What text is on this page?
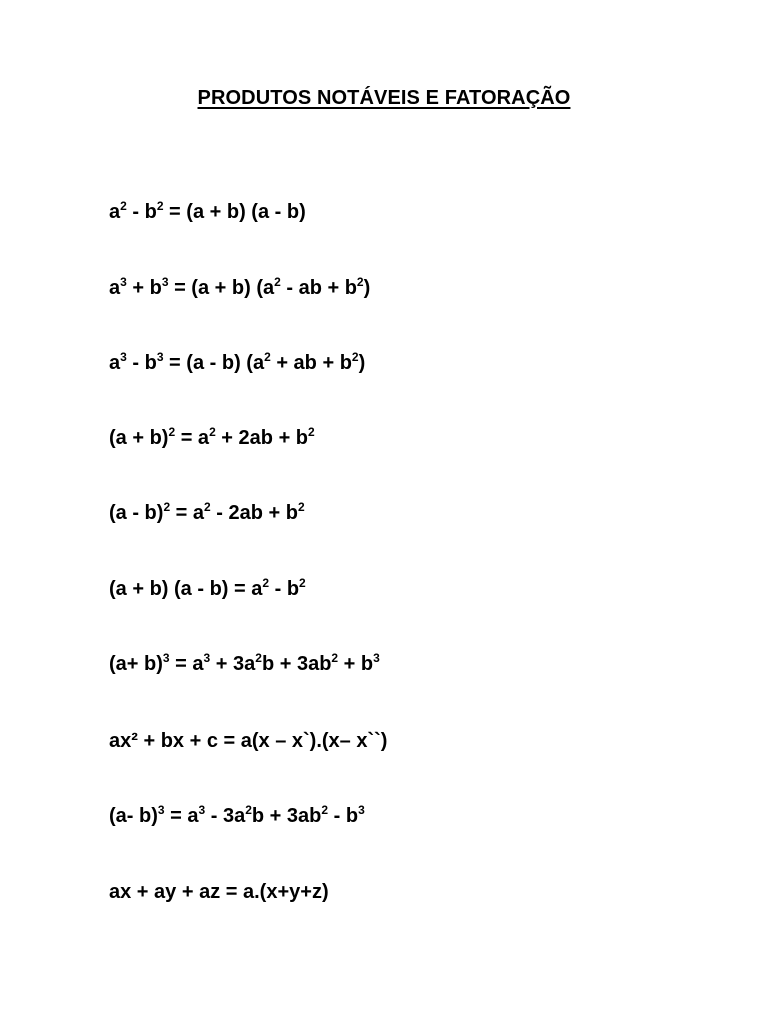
PRODUTOS NOTÁVEIS E FATORAÇÃO
$a^2 - b^2 = (a + b)$ (a - b)
$a^3 + b^3 = (a + b)$ ($a^2$ - ab + $b^2$)
$a^3 - b^3 = (a - b) (a^2$ + ab + $b^2$)
$(a + b)^2 = a^2 + 2ab + b^2$
$(a - b)^2 = a^2 - 2ab + b^2$
(a + b) $(a - b) = a^2 - b^2$
$(a+ b)^3 = a^3 + 3a^2b + 3ab^2 + b^3$
ax² + bx + c = a(x – x`).(x– x``)
(a- $b)^3 = a^3 - 3a^2b + 3ab^2 - b^3$
ax + ay + az = a.(x+y+z)
